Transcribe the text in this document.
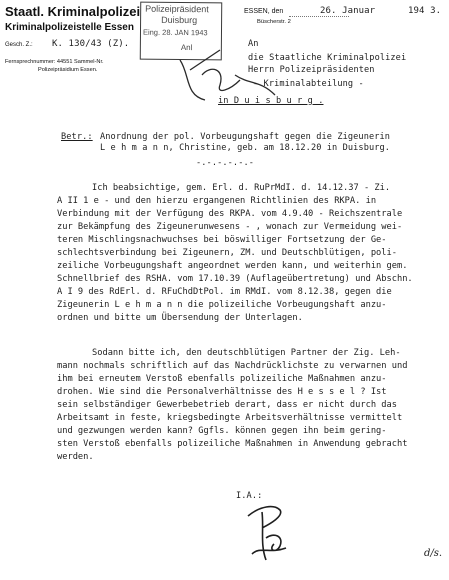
Staatl. Kriminalpolizei
Kriminalpolizeistelle Essen
Gesch. Z.: K. 130/43 (Z).
Fernsprechnummer: 44551 Sammel-Nr.
Polizeipräsidium Essen.
ESSEN, den	26. Januar	194 3.
Büscherstr. 2
Polizeipräsident
Duisburg
Eing. 28. JAN 1943
Anl	An
die Staatliche Kriminalpolizei
Herrn Polizeipräsidenten
- Kriminalabteilung -
in D u i s b u r g .
Betr.: Anordnung der pol. Vorbeugungshaft gegen die Zigeunerin
L e h m a n n, Christine, geb. am 18.12.20 in Duisburg.
-.-.-.-.-.-
Ich beabsichtige, gem. Erl. d. RuPrMdI. d. 14.12.37 - Zi.
A II 1 e - und den hierzu ergangenen Richtlinien des RKPA. in
Verbindung mit der Verfügung des RKPA. vom 4.9.40 - Reichszentrale
zur Bekämpfung des Zigeunerunwesens - , wonach zur Vermeidung wei-
teren Mischlingsnachwuchses bei böswilliger Fortsetzung der Ge-
schlechtsverbindung bei Zigeunern, ZM. und Deutschblütigen, poli-
zeiliche Vorbeugungshaft angeordnet werden kann, und weiterhin gem.
Schnellbrief des RSHA. vom 17.10.39 (Auflageübertretung) und Abschn.
A I 9 des RdErl. d. RFuChdDtPol. im RMdI. vom 8.12.38, gegen die
Zigeunerin L e h m a n n die polizeiliche Vorbeugungshaft anzu-
ordnen und bitte um Übersendung der Unterlagen.
Sodann bitte ich, den deutschblütigen Partner der Zig. Leh-
mann nochmals schriftlich auf das Nachdrücklichste zu verwarnen und
ihm bei erneutem Verstoß ebenfalls polizeiliche Maßnahmen anzu-
drohen. Wie sind die Personalverhältnisse des H e s s e l ? Ist
sein selbständiger Gewerbebetrieb derart, dass er nicht durch das
Arbeitsamt in feste, kriegsbedingte Arbeitsverhältnisse vermittelt
und gezwungen werden kann? Ggfls. können gegen ihn beim gering-
sten Verstoß ebenfalls polizeiliche Maßnahmen in Anwendung gebracht
werden.
I.A.:
d/s.
